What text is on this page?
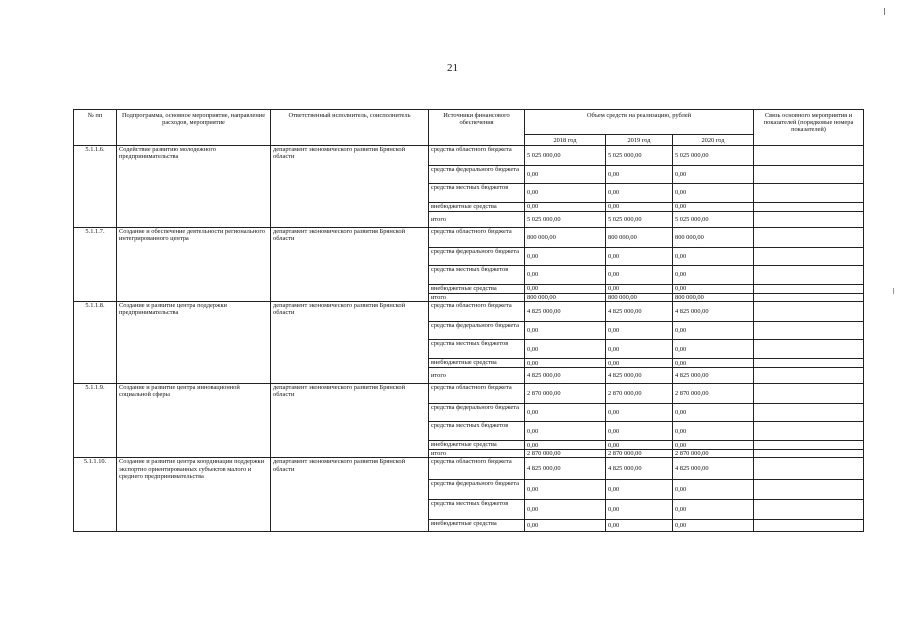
21
№ пп	Подпрограмма, основное мероприятие, направление расходов, мероприятие	Ответственный исполнитель, соисполнитель	Источники финансового обеспечения	Объем средств на реализацию, рублей			Связь основного мероприятия и показателей (порядковые номера показателей)
				2018 год	2019 год	2020 год	
5.1.1.6.	Содействие развитию молодежного предпринимательства	департамент экономического развития Брянской области	средства областного бюджета	5 025 000,00	5 025 000,00	5 025 000,00	
			средства федерального бюджета	0,00	0,00	0,00	
			средства местных бюджетов	0,00	0,00	0,00	
			внебюджетные средства	0,00	0,00	0,00	
			итого	5 025 000,00	5 025 000,00	5 025 000,00	
5.1.1.7.	Создание и обеспечение деятельности регионального интегрированного центра	департамент экономического развития Брянской области	средства областного бюджета	800 000,00	800 000,00	800 000,00	
			средства федерального бюджета	0,00	0,00	0,00	
			средства местных бюджетов	0,00	0,00	0,00	
			внебюджетные средства	0,00	0,00	0,00	
			итого	800 000,00	800 000,00	800 000,00	
5.1.1.8.	Создание и развитие центра поддержки предпринимательства	департамент экономического развития Брянской области	средства областного бюджета	4 825 000,00	4 825 000,00	4 825 000,00	
			средства федерального бюджета	0,00	0,00	0,00	
			средства местных бюджетов	0,00	0,00	0,00	
			внебюджетные средства	0,00	0,00	0,00	
			итого	4 825 000,00	4 825 000,00	4 825 000,00	
5.1.1.9.	Создание и развитие центра инновационной социальной сферы	департамент экономического развития Брянской области	средства областного бюджета	2 870 000,00	2 870 000,00	2 870 000,00	
			средства федерального бюджета	0,00	0,00	0,00	
			средства местных бюджетов	0,00	0,00	0,00	
			внебюджетные средства	0,00	0,00	0,00	
			итого	2 870 000,00	2 870 000,00	2 870 000,00	
5.1.1.10.	Создание и развитие центра координации поддержки экспортно ориентированных субъектов малого и среднего предпринимательства	департамент экономического развития Брянской области	средства областного бюджета	4 825 000,00	4 825 000,00	4 825 000,00	
			средства федерального бюджета	0,00	0,00	0,00	
			средства местных бюджетов	0,00	0,00	0,00	
			внебюджетные средства	0,00	0,00	0,00	
